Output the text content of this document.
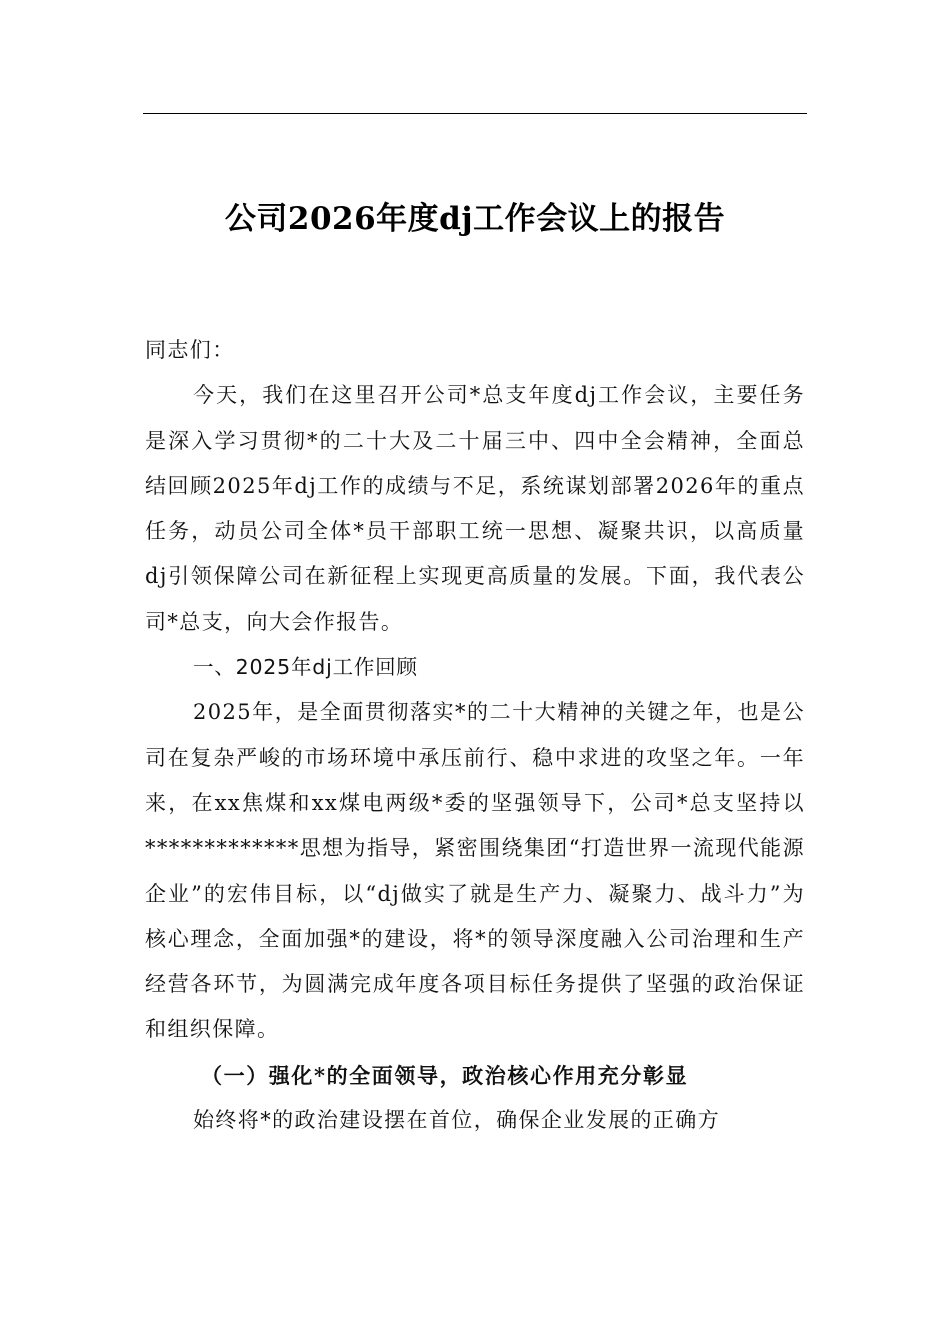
公司2026年度dj工作会议上的报告

同志们：

今天，我们在这里召开公司*总支年度dj工作会议，主要任务是深入学习贯彻*的二十大及二十届三中、四中全会精神，全面总结回顾2025年dj工作的成绩与不足，系统谋划部署2026年的重点任务，动员公司全体*员干部职工统一思想、凝聚共识，以高质量dj引领保障公司在新征程上实现更高质量的发展。下面，我代表公司*总支，向大会作报告。

一、2025年dj工作回顾

2025年，是全面贯彻落实*的二十大精神的关键之年，也是公司在复杂严峻的市场环境中承压前行、稳中求进的攻坚之年。一年来，在xx焦煤和xx煤电两级*委的坚强领导下，公司*总支坚持以*************思想为指导，紧密围绕集团“打造世界一流现代能源企业”的宏伟目标，以“dj做实了就是生产力、凝聚力、战斗力”为核心理念，全面加强*的建设，将*的领导深度融入公司治理和生产经营各环节，为圆满完成年度各项目标任务提供了坚强的政治保证和组织保障。

（一）强化*的全面领导，政治核心作用充分彰显

始终将*的政治建设摆在首位，确保企业发展的正确方
